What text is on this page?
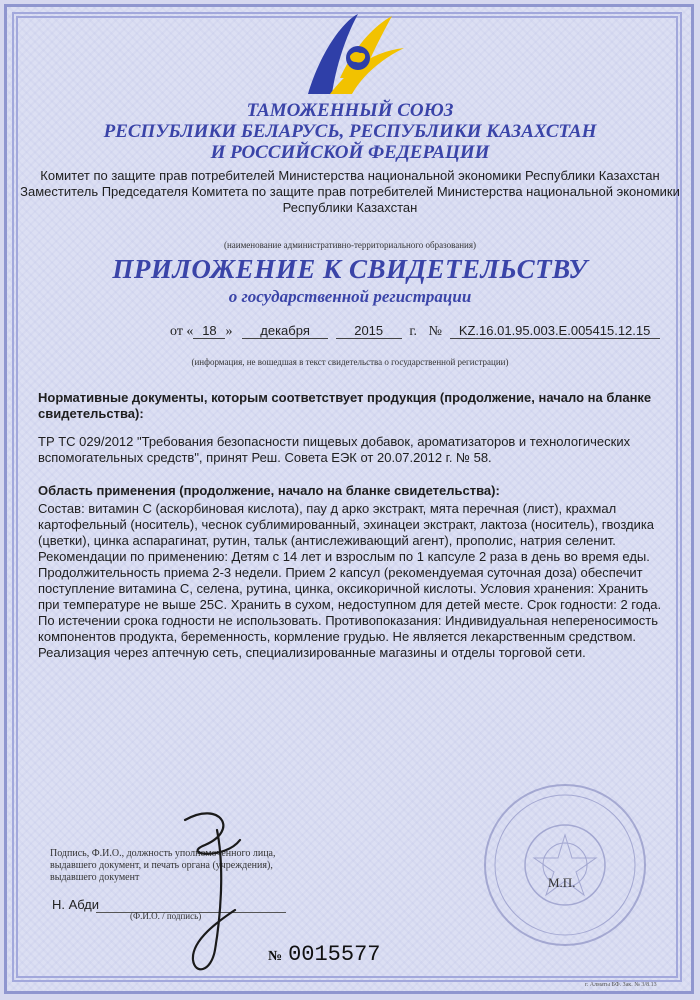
ТАМОЖЕННЫЙ СОЮЗ
РЕСПУБЛИКИ БЕЛАРУСЬ, РЕСПУБЛИКИ КАЗАХСТАН
И РОССИЙСКОЙ ФЕДЕРАЦИИ

Комитет по защите прав потребителей Министерства национальной экономики Республики Казахстан

Заместитель Председателя Комитета по защите прав потребителей Министерства национальной экономики Республики Казахстан

(наименование административно-территориального образования)
ПРИЛОЖЕНИЕ К СВИДЕТЕЛЬСТВУ
о государственной регистрации
от « 18 » декабря	2015 г. № KZ.16.01.95.003.E.005415.12.15
(информация, не вошедшая в текст свидетельства о государственной регистрации)

Нормативные документы, которым соответствует продукция (продолжение, начало на бланке свидетельства):

ТР ТС 029/2012 "Требования безопасности пищевых добавок, ароматизаторов и технологических вспомогательных средств", принят Реш. Совета ЕЭК от 20.07.2012 г. № 58.

Область применения (продолжение, начало на бланке свидетельства):

Состав: витамин С (аскорбиновая кислота), пау д арко экстракт, мята перечная (лист), крахмал картофельный (носитель), чеснок сублимированный, эхинацеи экстракт, лактоза (носитель), гвоздика (цветки), цинка аспарагинат, рутин, тальк (антислеживающий агент), прополис, натрия селенит. Рекомендации по применению: Детям с 14 лет и взрослым по 1 капсуле 2 раза в день во время еды. Продолжительность приема 2-3 недели. Прием 2 капсул (рекомендуемая суточная доза) обеспечит поступление витамина С, селена, рутина, цинка, оксикоричной кислоты. Условия хранения: Хранить при температуре не выше 25С. Хранить в сухом, недоступном для детей месте. Срок годности: 2 года. По истечении срока годности не использовать. Противопоказания: Индивидуальная непереносимость компонентов продукта, беременность, кормление грудью. Не является лекарственным средством. Реализация через аптечную сеть, специализированные магазины и отделы торговой сети.

Подпись, Ф.И.О., должность уполномоченного лица,
выдавшего документ, и печать органа (учреждения),
выдавшего документ
Н. Абди
(Ф.И.О. / подпись)
М.П.
№ 0015577
г. Алматы БФ. Зак. № 3/8.13
